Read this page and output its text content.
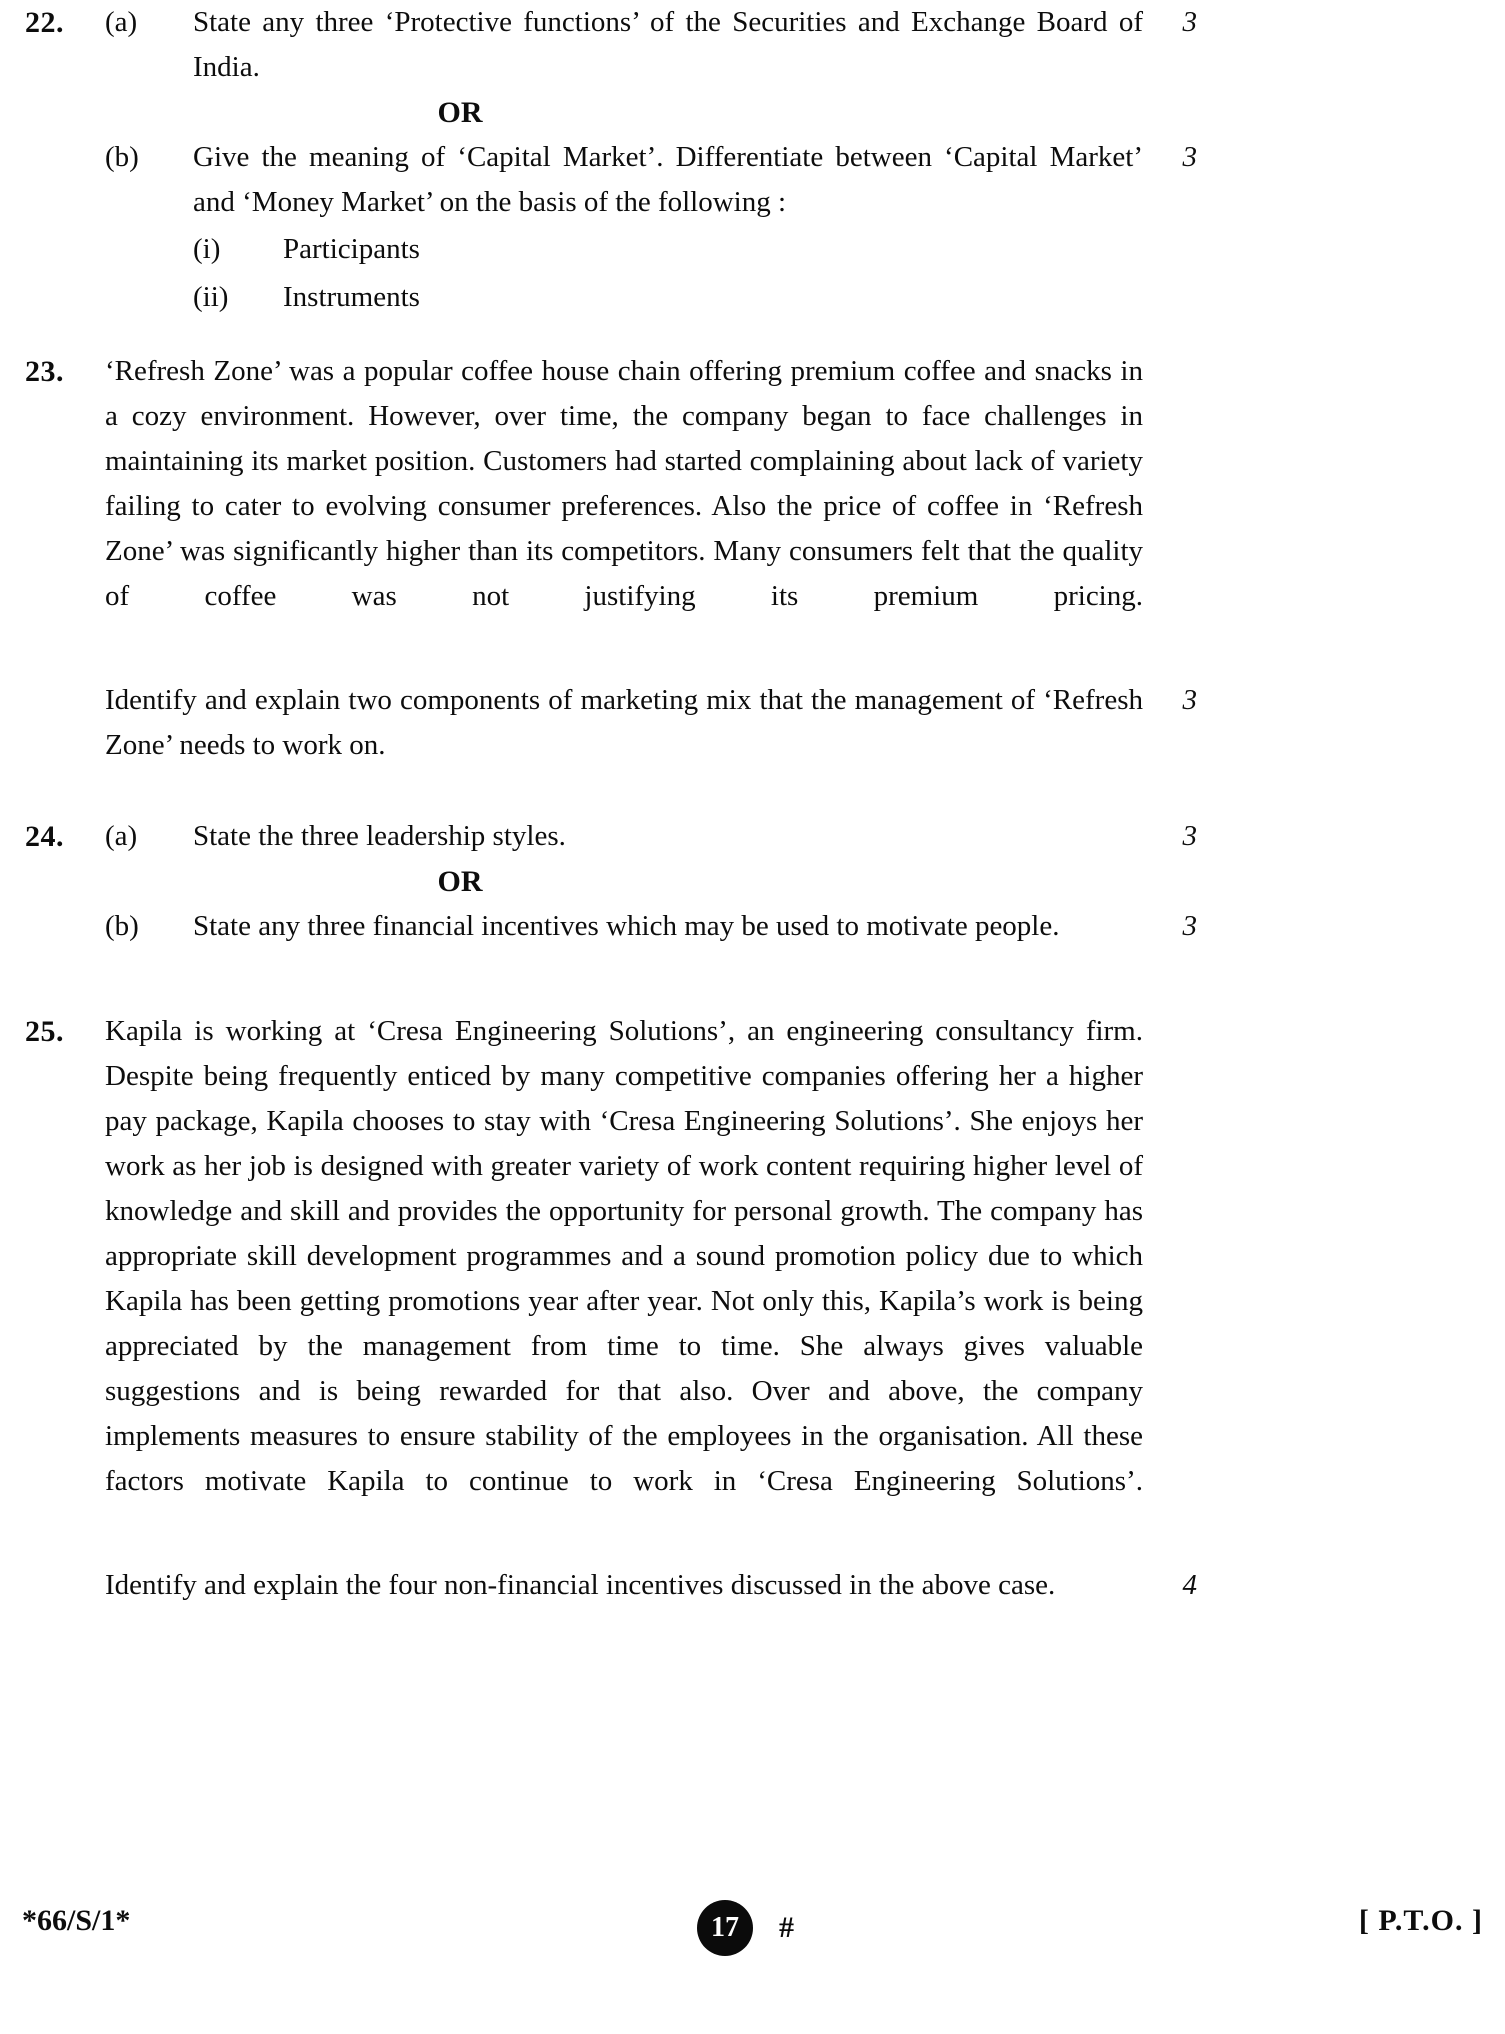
22.	(a)	State any three ‘Protective functions’ of the Securities and Exchange Board of India.
3
OR
(b)	Give the meaning of ‘Capital Market’. Differentiate between ‘Capital Market’ and ‘Money Market’ on the basis of the following :
3
(i)	Participants
(ii)	Instruments
23.	‘Refresh Zone’ was a popular coffee house chain offering premium coffee and snacks in a cozy environment. However, over time, the company began to face challenges in maintaining its market position. Customers had started complaining about lack of variety failing to cater to evolving consumer preferences. Also the price of coffee in ‘Refresh Zone’ was significantly higher than its competitors. Many consumers felt that the quality of coffee was not justifying its premium pricing.
Identify and explain two components of marketing mix that the management of ‘Refresh Zone’ needs to work on.
3
24.	(a)	State the three leadership styles.	3
OR
(b)	State any three financial incentives which may be used to motivate people.	3
25.	Kapila is working at ‘Cresa Engineering Solutions’, an engineering consultancy firm. Despite being frequently enticed by many competitive companies offering her a higher pay package, Kapila chooses to stay with ‘Cresa Engineering Solutions’. She enjoys her work as her job is designed with greater variety of work content requiring higher level of knowledge and skill and provides the opportunity for personal growth. The company has appropriate skill development programmes and a sound promotion policy due to which Kapila has been getting promotions year after year. Not only this, Kapila’s work is being appreciated by the management from time to time. She always gives valuable suggestions and is being rewarded for that also. Over and above, the company implements measures to ensure stability of the employees in the organisation. All these factors motivate Kapila to continue to work in ‘Cresa Engineering Solutions’.
Identify and explain the four non-financial incentives discussed in the above case.	4
*66/S/1*	17	#	[ P.T.O. ]
